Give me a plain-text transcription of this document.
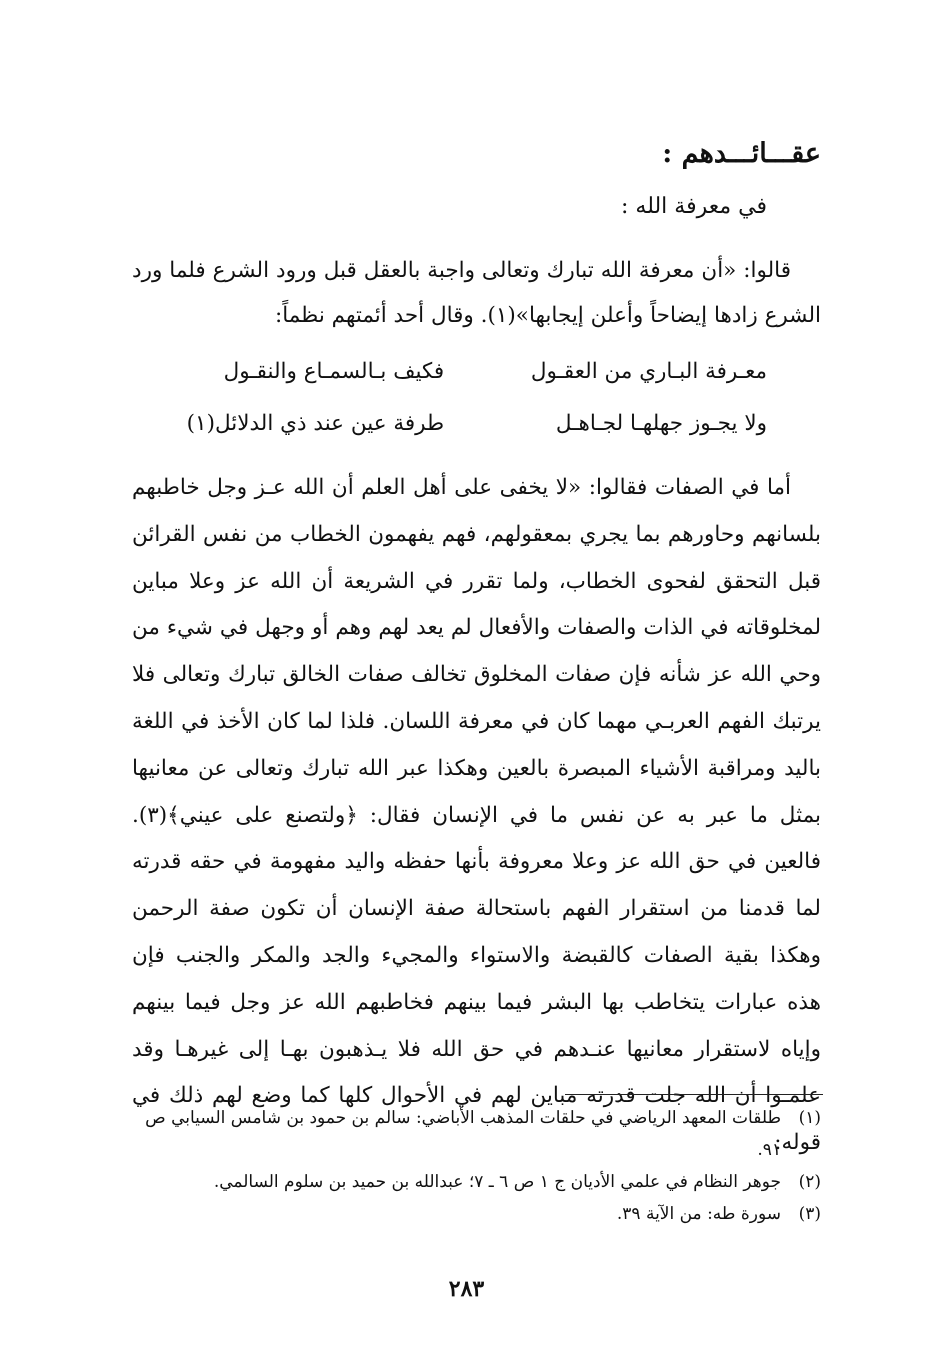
عقـــائـــدهم :
في معرفة الله :
قالوا: «أن معرفة الله تبارك وتعالى واجبة بالعقل قبل ورود الشرع فلما ورد الشرع زادها إيضاحاً وأعلن إيجابها»(١). وقال أحد أئمتهم نظماً:
معـرفة البـاري من العقـول
فكيف بـالسمـاع والنقـول
ولا يجـوز جهلهـا لجـاهـل
طرفة عين عند ذي الدلائل(١)
أما في الصفات فقالوا: «لا يخفى على أهل العلم أن الله عـز وجل خاطبهم بلسانهم وحاورهم بما يجري بمعقولهم، فهم يفهمون الخطاب من نفس القرائن قبل التحقق لفحوى الخطاب، ولما تقرر في الشريعة أن الله عز وعلا مباين لمخلوقاته في الذات والصفات والأفعال لم يعد لهم وهم أو وجهل في شيء من وحي الله عز شأنه فإن صفات المخلوق تخالف صفات الخالق تبارك وتعالى فلا يرتبك الفهم العربـي مهما كان في معرفة اللسان. فلذا لما كان الأخذ في اللغة باليد ومراقبة الأشياء المبصرة بالعين وهكذا عبر الله تبارك وتعالى عن معانيها بمثل ما عبر به عن نفس ما في الإنسان فقال: ﴿ولتصنع على عيني﴾(٣). فالعين في حق الله عز وعلا معروفة بأنها حفظه واليد مفهومة في حقه قدرته لما قدمنا من استقرار الفهم باستحالة صفة الإنسان أن تكون صفة الرحمن وهكذا بقية الصفات كالقبضة والاستواء والمجيء والجد والمكر والجنب فإن هذه عبارات يتخاطب بها البشر فيما بينهم فخاطبهم الله عز وجل فيما بينهم وإياه لاستقرار معانيها عنـدهم في حق الله فلا يـذهبون بهـا إلى غيرهـا وقد علمـوا أن الله جلت قدرته مباين لهم في الأحوال كلها كما وضع لهم ذلك في قوله:
(١)
طلقات المعهد الرياضي في حلقات المذهب الأباضي: سالم بن حمود بن شامس السيابي ص ٩١.
(٢)
جوهر النظام في علمي الأديان ج ١ ص ٦ ـ ٧؛ عبدالله بن حميد بن سلوم السالمي.
(٣)
سورة طه: من الآية ٣٩.
٢٨٣
